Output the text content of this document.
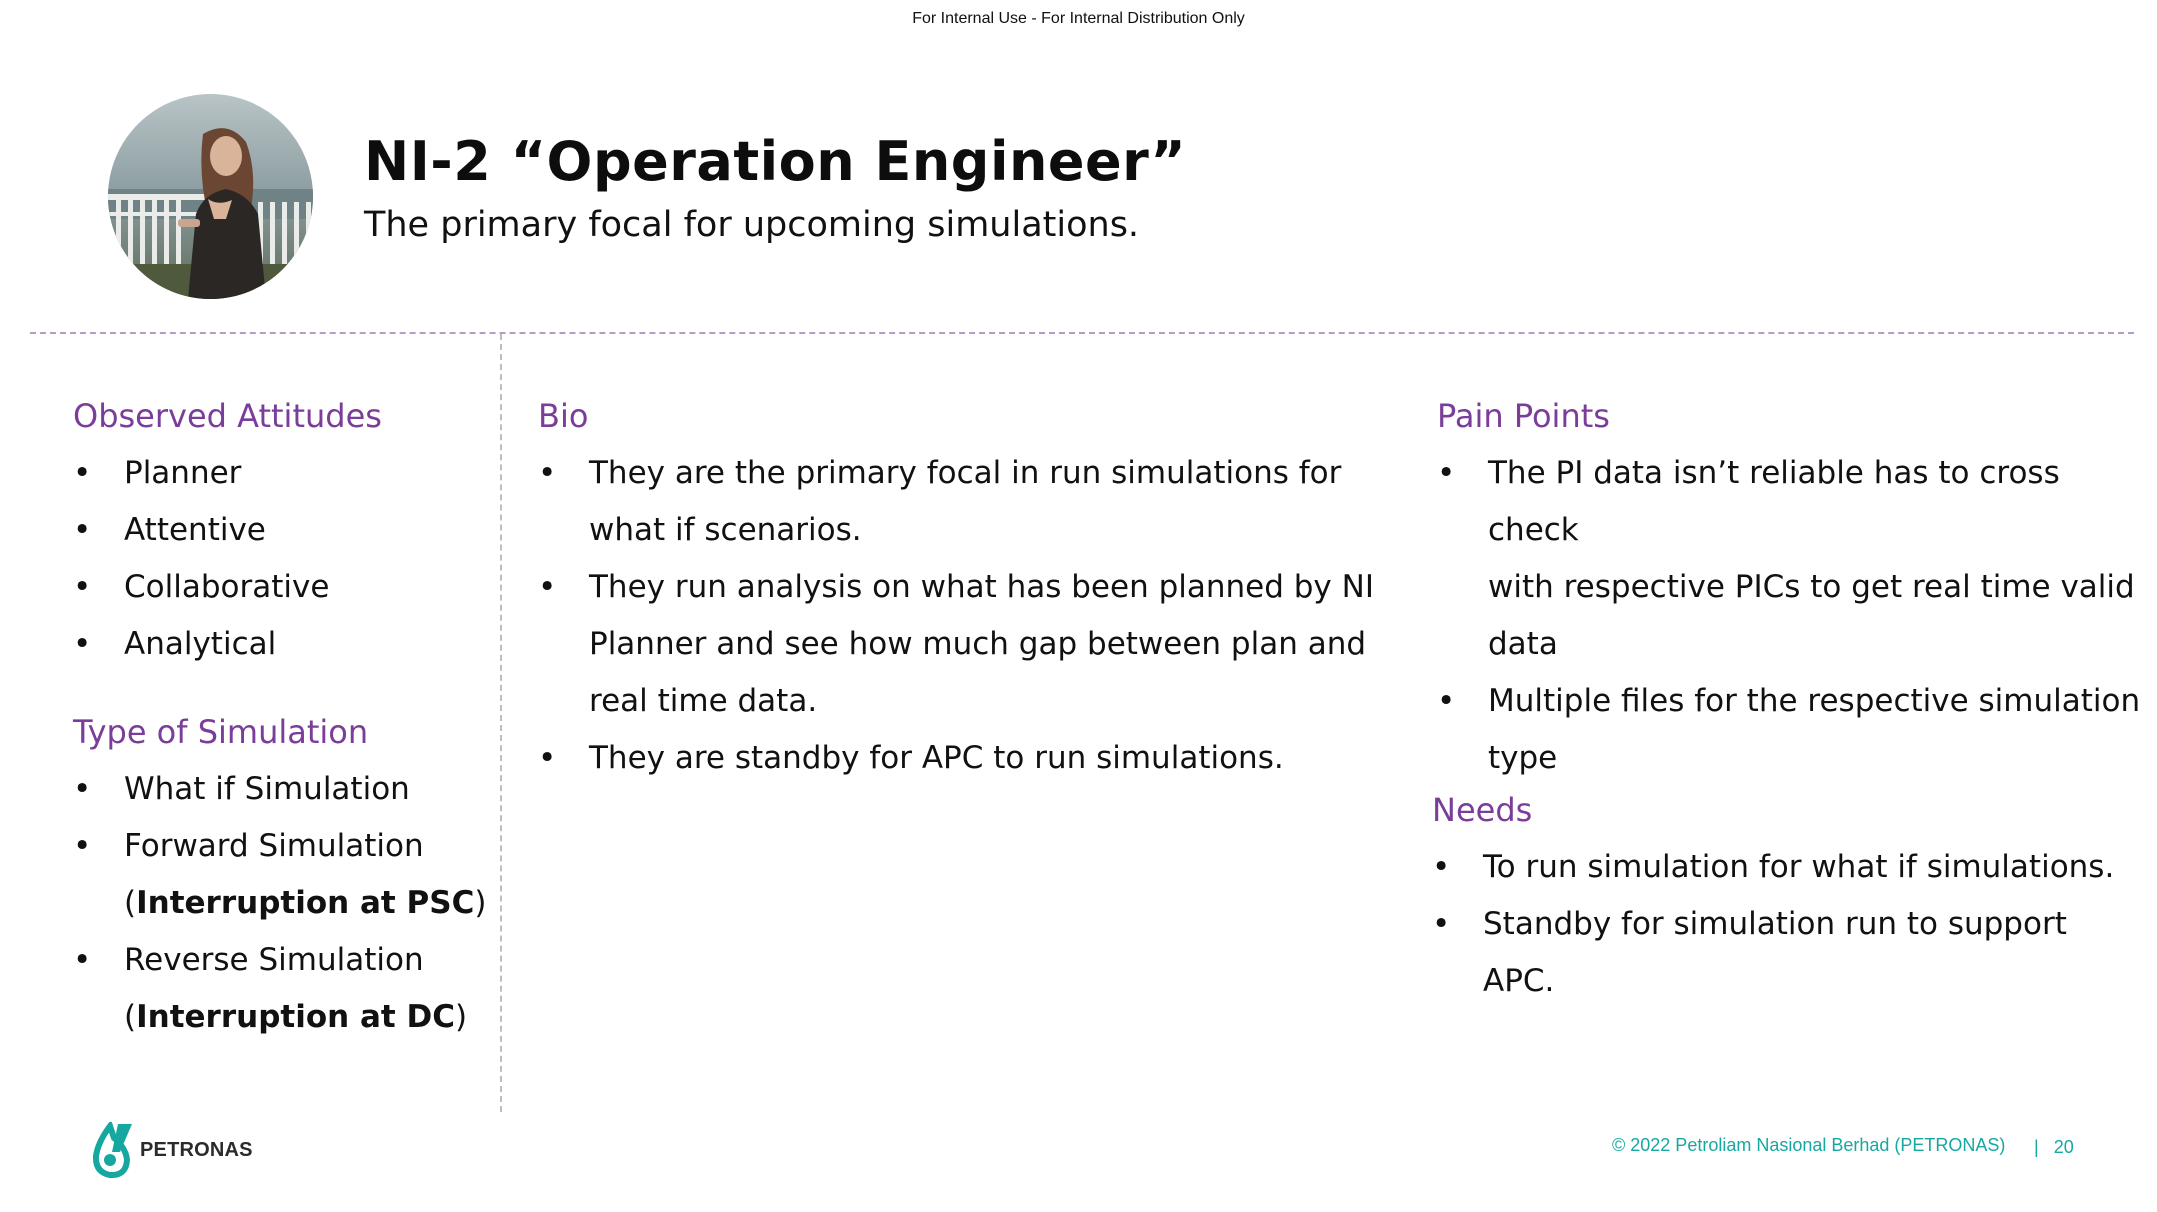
For Internal Use - For Internal Distribution Only
NI-2 “Operation Engineer”
The primary focal for upcoming simulations.
Observed Attitudes
• Planner
• Attentive
• Collaborative
• Analytical
Type of Simulation
• What if Simulation
• Forward Simulation
(Interruption at PSC)
• Reverse Simulation
(Interruption at DC)
Bio
• They are the primary focal in run simulations for
what if scenarios.
• They run analysis on what has been planned by NI
Planner and see how much gap between plan and
real time data.
• They are standby for APC to run simulations.
Pain Points
• The PI data isn’t reliable has to cross check
with respective PICs to get real time valid
data
• Multiple files for the respective simulation
type
Needs
• To run simulation for what if simulations.
• Standby for simulation run to support
APC.
PETRONAS	© 2022 Petroliam Nasional Berhad (PETRONAS) | 20
